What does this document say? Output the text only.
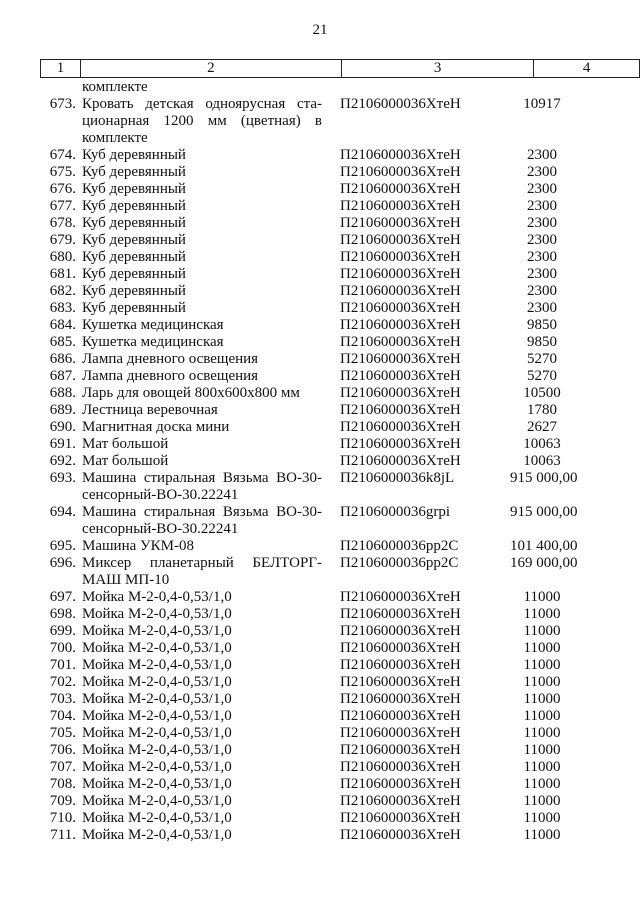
21
1	2	3	4
комплекте
673. Кровать детская одноярусная ста-
ционарная 1200 мм (цветная) в
комплекте
П2106000036ХтеН	10917
674. Куб деревянный	П2106000036ХтеН	2300
675. Куб деревянный	П2106000036ХтеН	2300
676. Куб деревянный	П2106000036ХтеН	2300
677. Куб деревянный	П2106000036ХтеН	2300
678. Куб деревянный	П2106000036ХтеН	2300
679. Куб деревянный	П2106000036ХтеН	2300
680. Куб деревянный	П2106000036ХтеН	2300
681. Куб деревянный	П2106000036ХтеН	2300
682. Куб деревянный	П2106000036ХтеН	2300
683. Куб деревянный	П2106000036ХтеН	2300
684. Кушетка медицинская	П2106000036ХтеН	9850
685. Кушетка медицинская	П2106000036ХтеН	9850
686. Лампа дневного освещения	П2106000036ХтеН	5270
687. Лампа дневного освещения	П2106000036ХтеН	5270
688. Ларь для овощей 800х600х800 мм	П2106000036ХтеН	10500
689. Лестница веревочная	П2106000036ХтеН	1780
690. Магнитная доска мини	П2106000036ХтеН	2627
691. Мат большой	П2106000036ХтеН	10063
692. Мат большой	П2106000036ХтеН	10063
693. Машина стиральная Вязьма ВО-30-
сенсорный-ВО-30.22241
П2106000036k8jL	915 000,00
694. Машина стиральная Вязьма ВО-30-
сенсорный-ВО-30.22241
П2106000036grpi	915 000,00
695. Машина УКМ-08	П2106000036pp2C	101 400,00
696. Миксер планетарный БЕЛТОРГ-
МАШ МП-10
П2106000036pp2C	169 000,00
697. Мойка М-2-0,4-0,53/1,0	П2106000036ХтеН	11000
698. Мойка М-2-0,4-0,53/1,0	П2106000036ХтеН	11000
699. Мойка М-2-0,4-0,53/1,0	П2106000036ХтеН	11000
700. Мойка М-2-0,4-0,53/1,0	П2106000036ХтеН	11000
701. Мойка М-2-0,4-0,53/1,0	П2106000036ХтеН	11000
702. Мойка М-2-0,4-0,53/1,0	П2106000036ХтеН	11000
703. Мойка М-2-0,4-0,53/1,0	П2106000036ХтеН	11000
704. Мойка М-2-0,4-0,53/1,0	П2106000036ХтеН	11000
705. Мойка М-2-0,4-0,53/1,0	П2106000036ХтеН	11000
706. Мойка М-2-0,4-0,53/1,0	П2106000036ХтеН	11000
707. Мойка М-2-0,4-0,53/1,0	П2106000036ХтеН	11000
708. Мойка М-2-0,4-0,53/1,0	П2106000036ХтеН	11000
709. Мойка М-2-0,4-0,53/1,0	П2106000036ХтеН	11000
710. Мойка М-2-0,4-0,53/1,0	П2106000036ХтеН	11000
711. Мойка М-2-0,4-0,53/1,0	П2106000036ХтеН	11000
